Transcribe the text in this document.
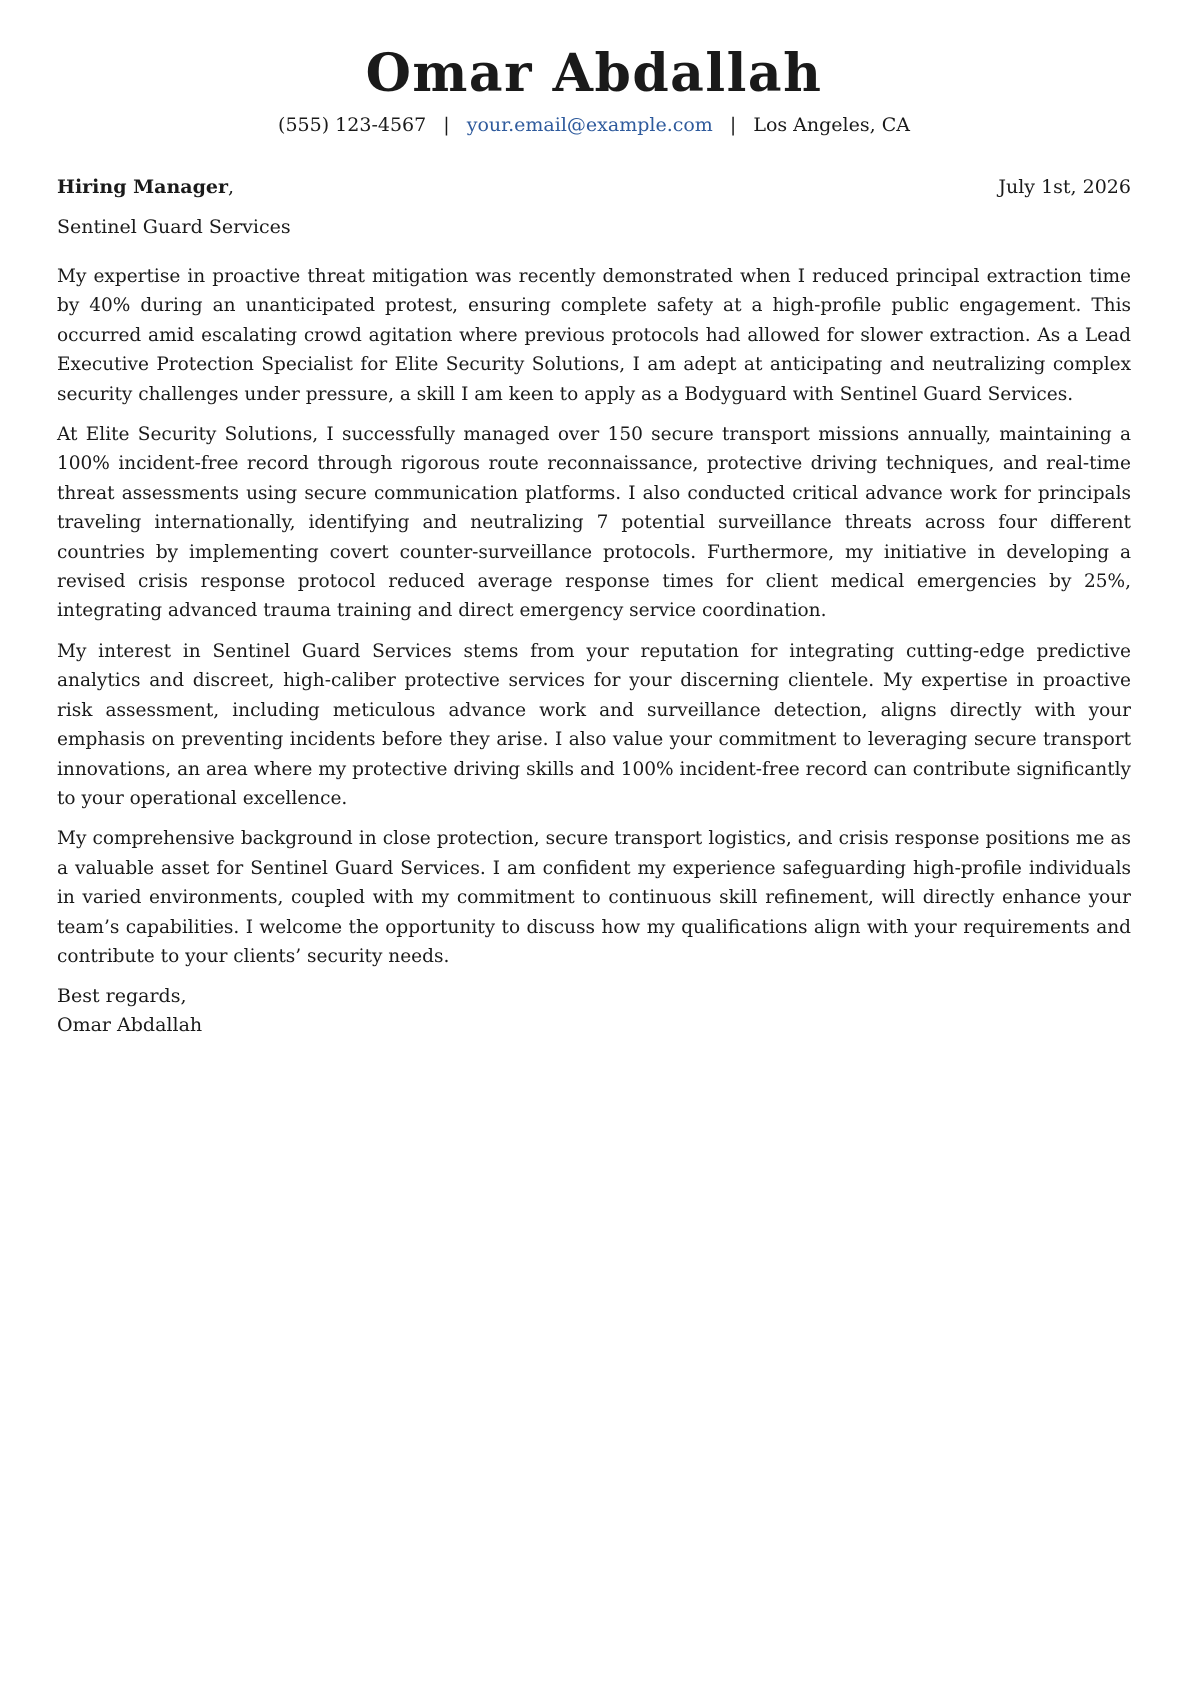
Omar Abdallah
(555) 123-4567 | your.email@example.com | Los Angeles, CA
Hiring Manager,	July 1st, 2026
Sentinel Guard Services

My expertise in proactive threat mitigation was recently demonstrated when I reduced principal extraction time by 40% during an unanticipated protest, ensuring complete safety at a high-profile public engagement. This occurred amid escalating crowd agitation where previous protocols had allowed for slower extraction. As a Lead Executive Protection Specialist for Elite Security Solutions, I am adept at anticipating and neutralizing complex security challenges under pressure, a skill I am keen to apply as a Bodyguard with Sentinel Guard Services.

At Elite Security Solutions, I successfully managed over 150 secure transport missions annually, maintaining a 100% incident-free record through rigorous route reconnaissance, protective driving techniques, and real-time threat assessments using secure communication platforms. I also conducted critical advance work for principals traveling internationally, identifying and neutralizing 7 potential surveillance threats across four different countries by implementing covert counter-surveillance protocols. Furthermore, my initiative in developing a revised crisis response protocol reduced average response times for client medical emergencies by 25%, integrating advanced trauma training and direct emergency service coordination.

My interest in Sentinel Guard Services stems from your reputation for integrating cutting-edge predictive analytics and discreet, high-caliber protective services for your discerning clientele. My expertise in proactive risk assessment, including meticulous advance work and surveillance detection, aligns directly with your emphasis on preventing incidents before they arise. I also value your commitment to leveraging secure transport innovations, an area where my protective driving skills and 100% incident-free record can contribute significantly to your operational excellence.

My comprehensive background in close protection, secure transport logistics, and crisis response positions me as a valuable asset for Sentinel Guard Services. I am confident my experience safeguarding high-profile individuals in varied environments, coupled with my commitment to continuous skill refinement, will directly enhance your team’s capabilities. I welcome the opportunity to discuss how my qualifications align with your requirements and contribute to your clients’ security needs.

Best regards,
Omar Abdallah
